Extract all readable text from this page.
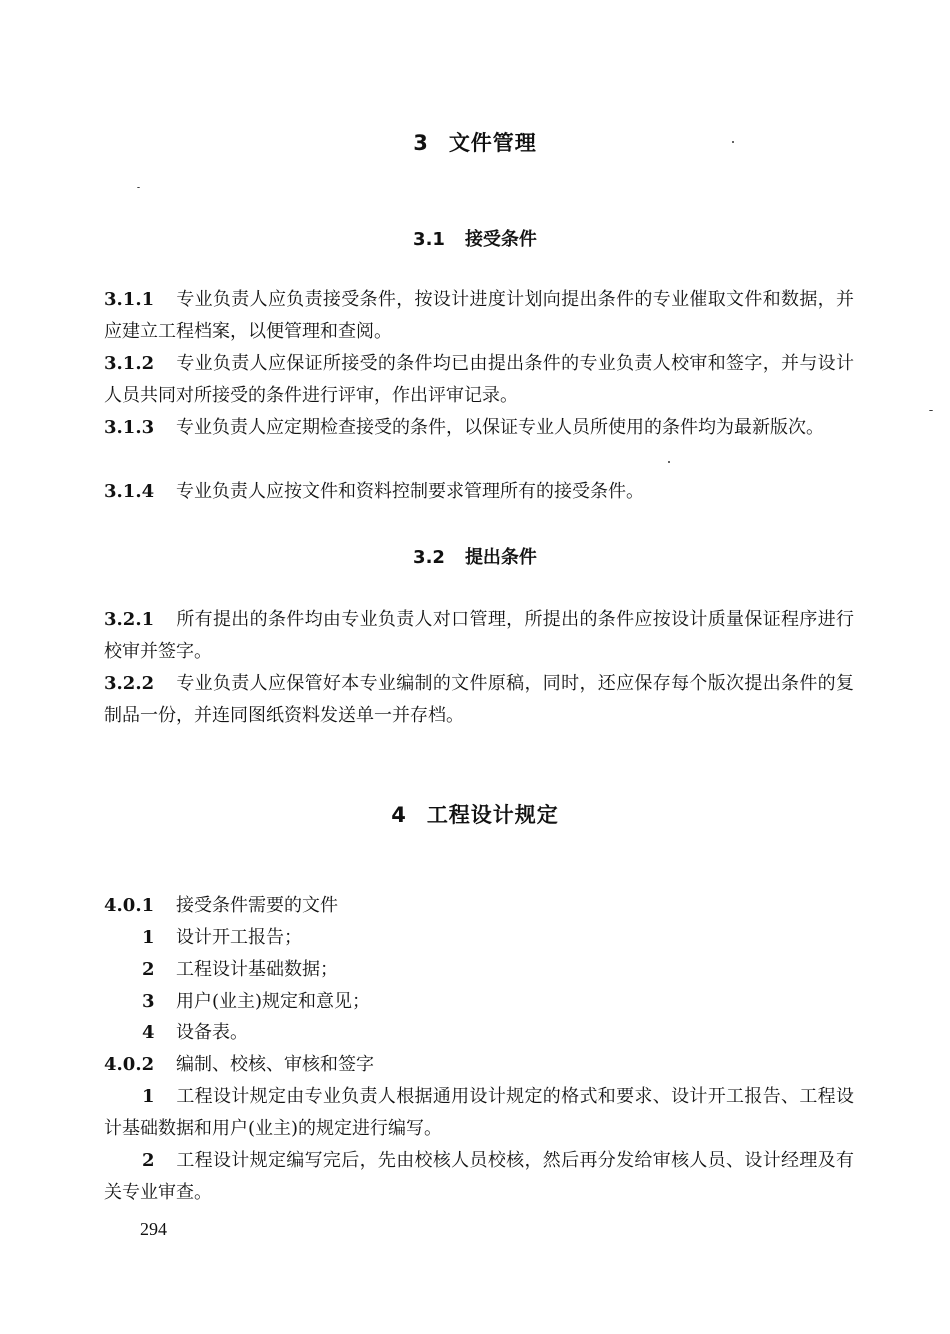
3 文件管理
3.1 接受条件
3.1.1 专业负责人应负责接受条件，按设计进度计划向提出条件的专业催取文件和数据，并应建立工程档案，以便管理和查阅。
3.1.2 专业负责人应保证所接受的条件均已由提出条件的专业负责人校审和签字，并与设计人员共同对所接受的条件进行评审，作出评审记录。
3.1.3 专业负责人应定期检查接受的条件，以保证专业人员所使用的条件均为最新版次。
3.1.4 专业负责人应按文件和资料控制要求管理所有的接受条件。
3.2 提出条件
3.2.1 所有提出的条件均由专业负责人对口管理，所提出的条件应按设计质量保证程序进行校审并签字。
3.2.2 专业负责人应保管好本专业编制的文件原稿，同时，还应保存每个版次提出条件的复制品一份，并连同图纸资料发送单一并存档。
4 工程设计规定
4.0.1 接受条件需要的文件
1 设计开工报告；
2 工程设计基础数据；
3 用户(业主)规定和意见；
4 设备表。
4.0.2 编制、校核、审核和签字
1 工程设计规定由专业负责人根据通用设计规定的格式和要求、设计开工报告、工程设计基础数据和用户(业主)的规定进行编写。
2 工程设计规定编写完后，先由校核人员校核，然后再分发给审核人员、设计经理及有关专业审查。
294
